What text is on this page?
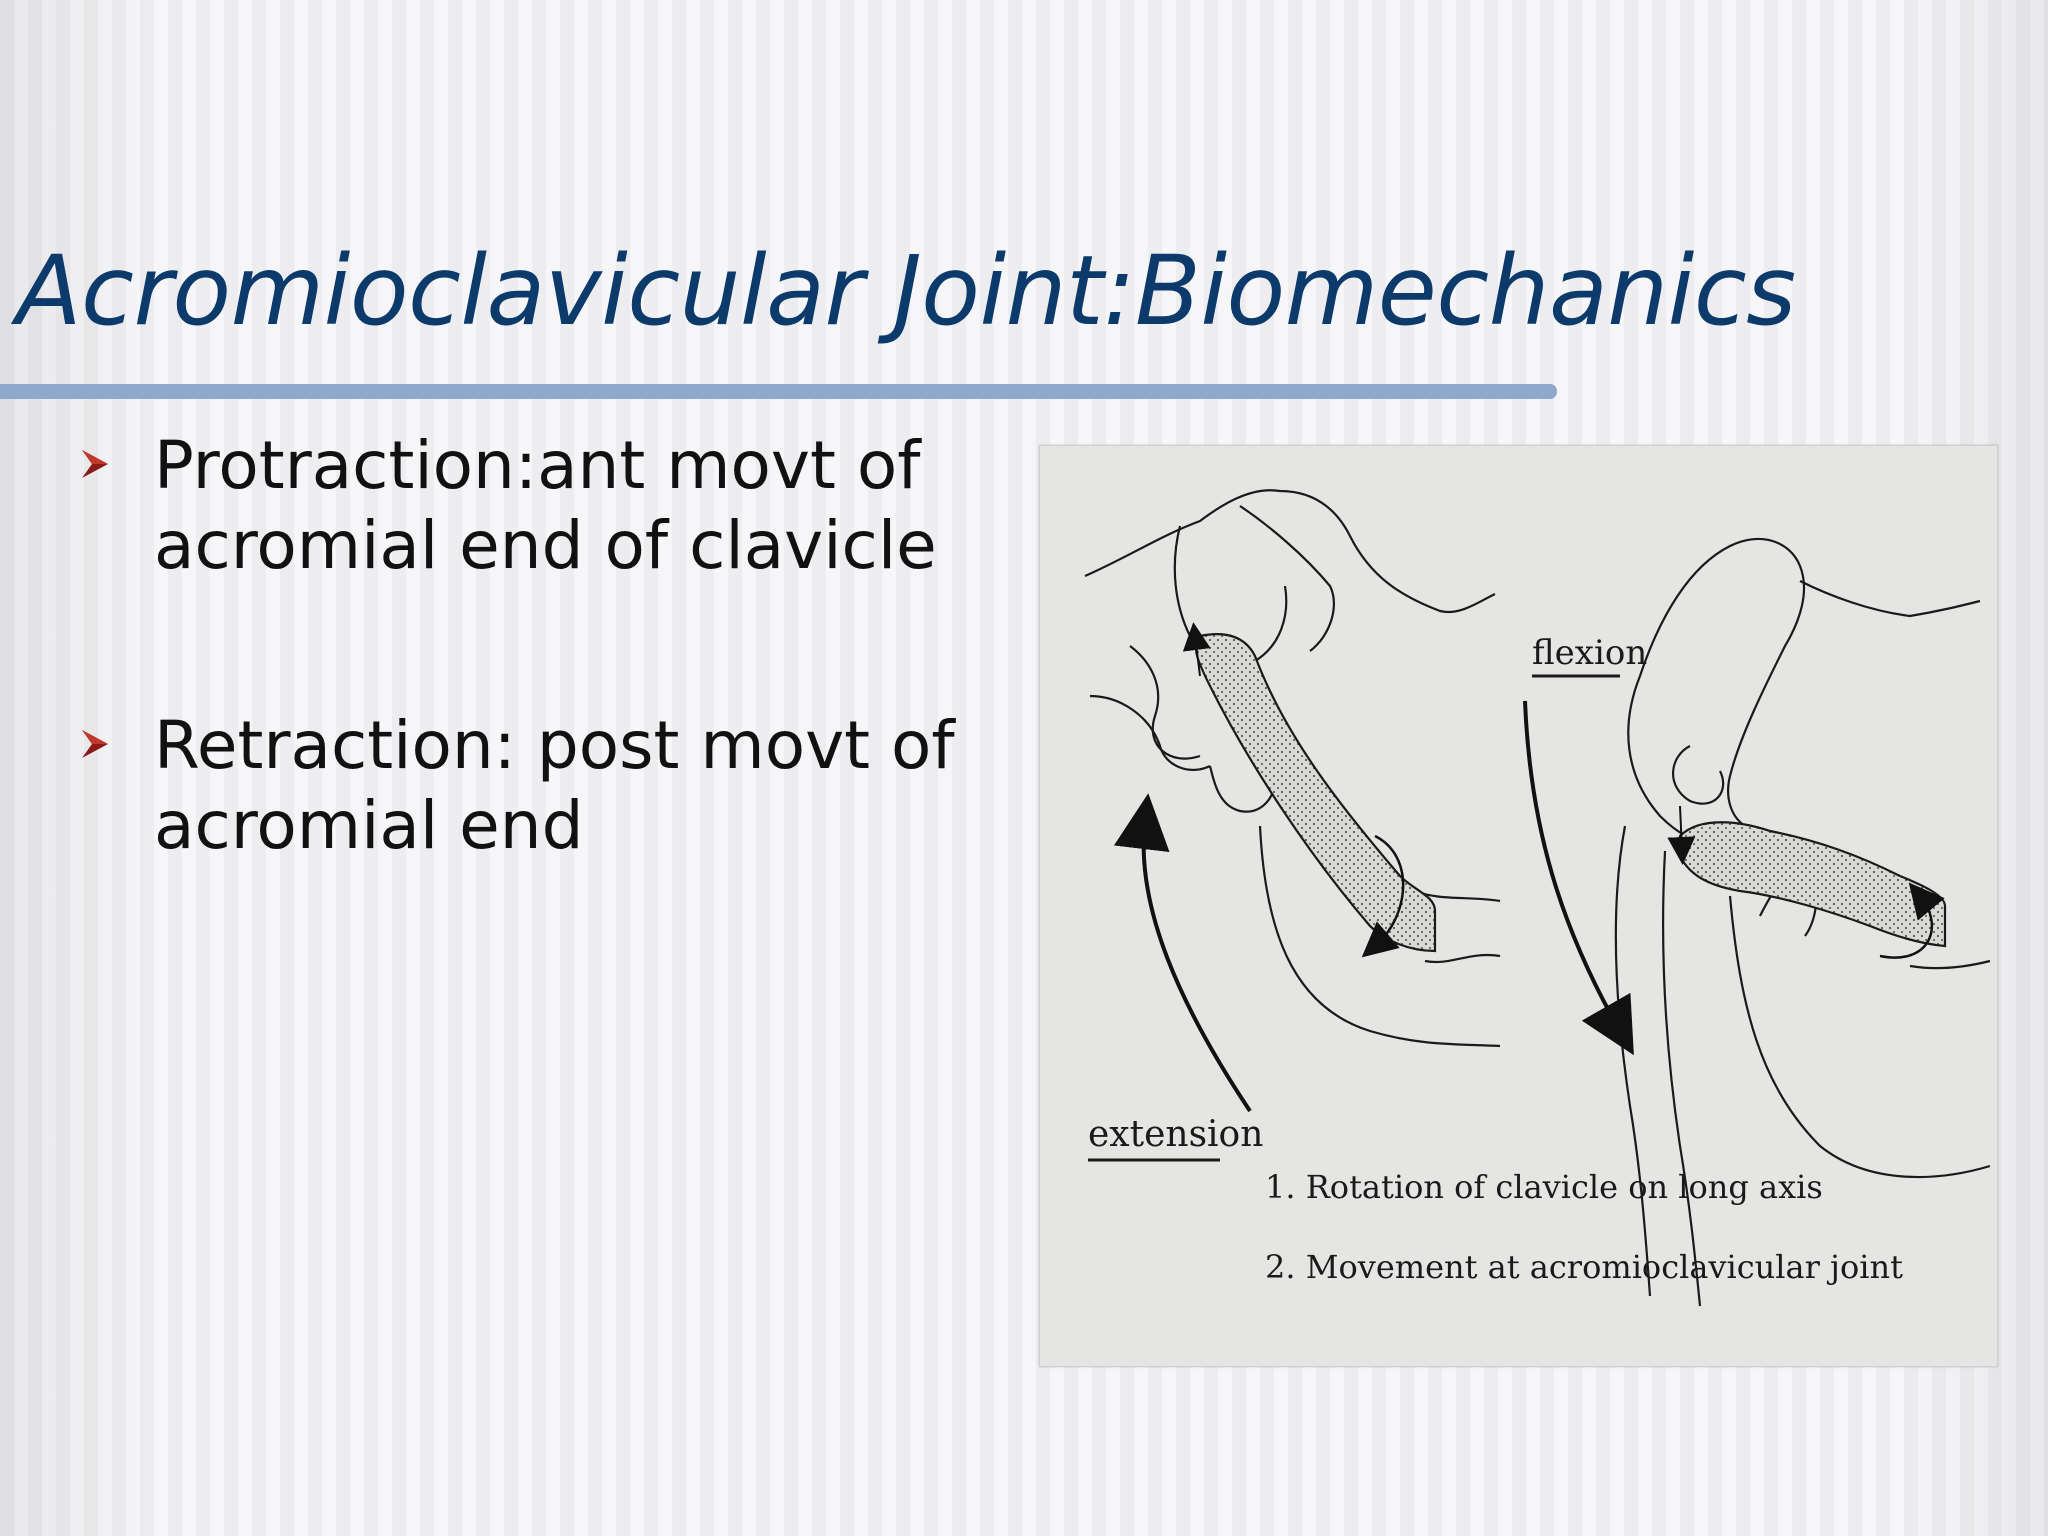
Acromioclavicular Joint:Biomechanics
Protraction:ant movt of
acromial end of clavicle
Retraction: post movt of
acromial end
flexion
extension
1. Rotation of clavicle on long axis
2. Movement at acromioclavicular joint
